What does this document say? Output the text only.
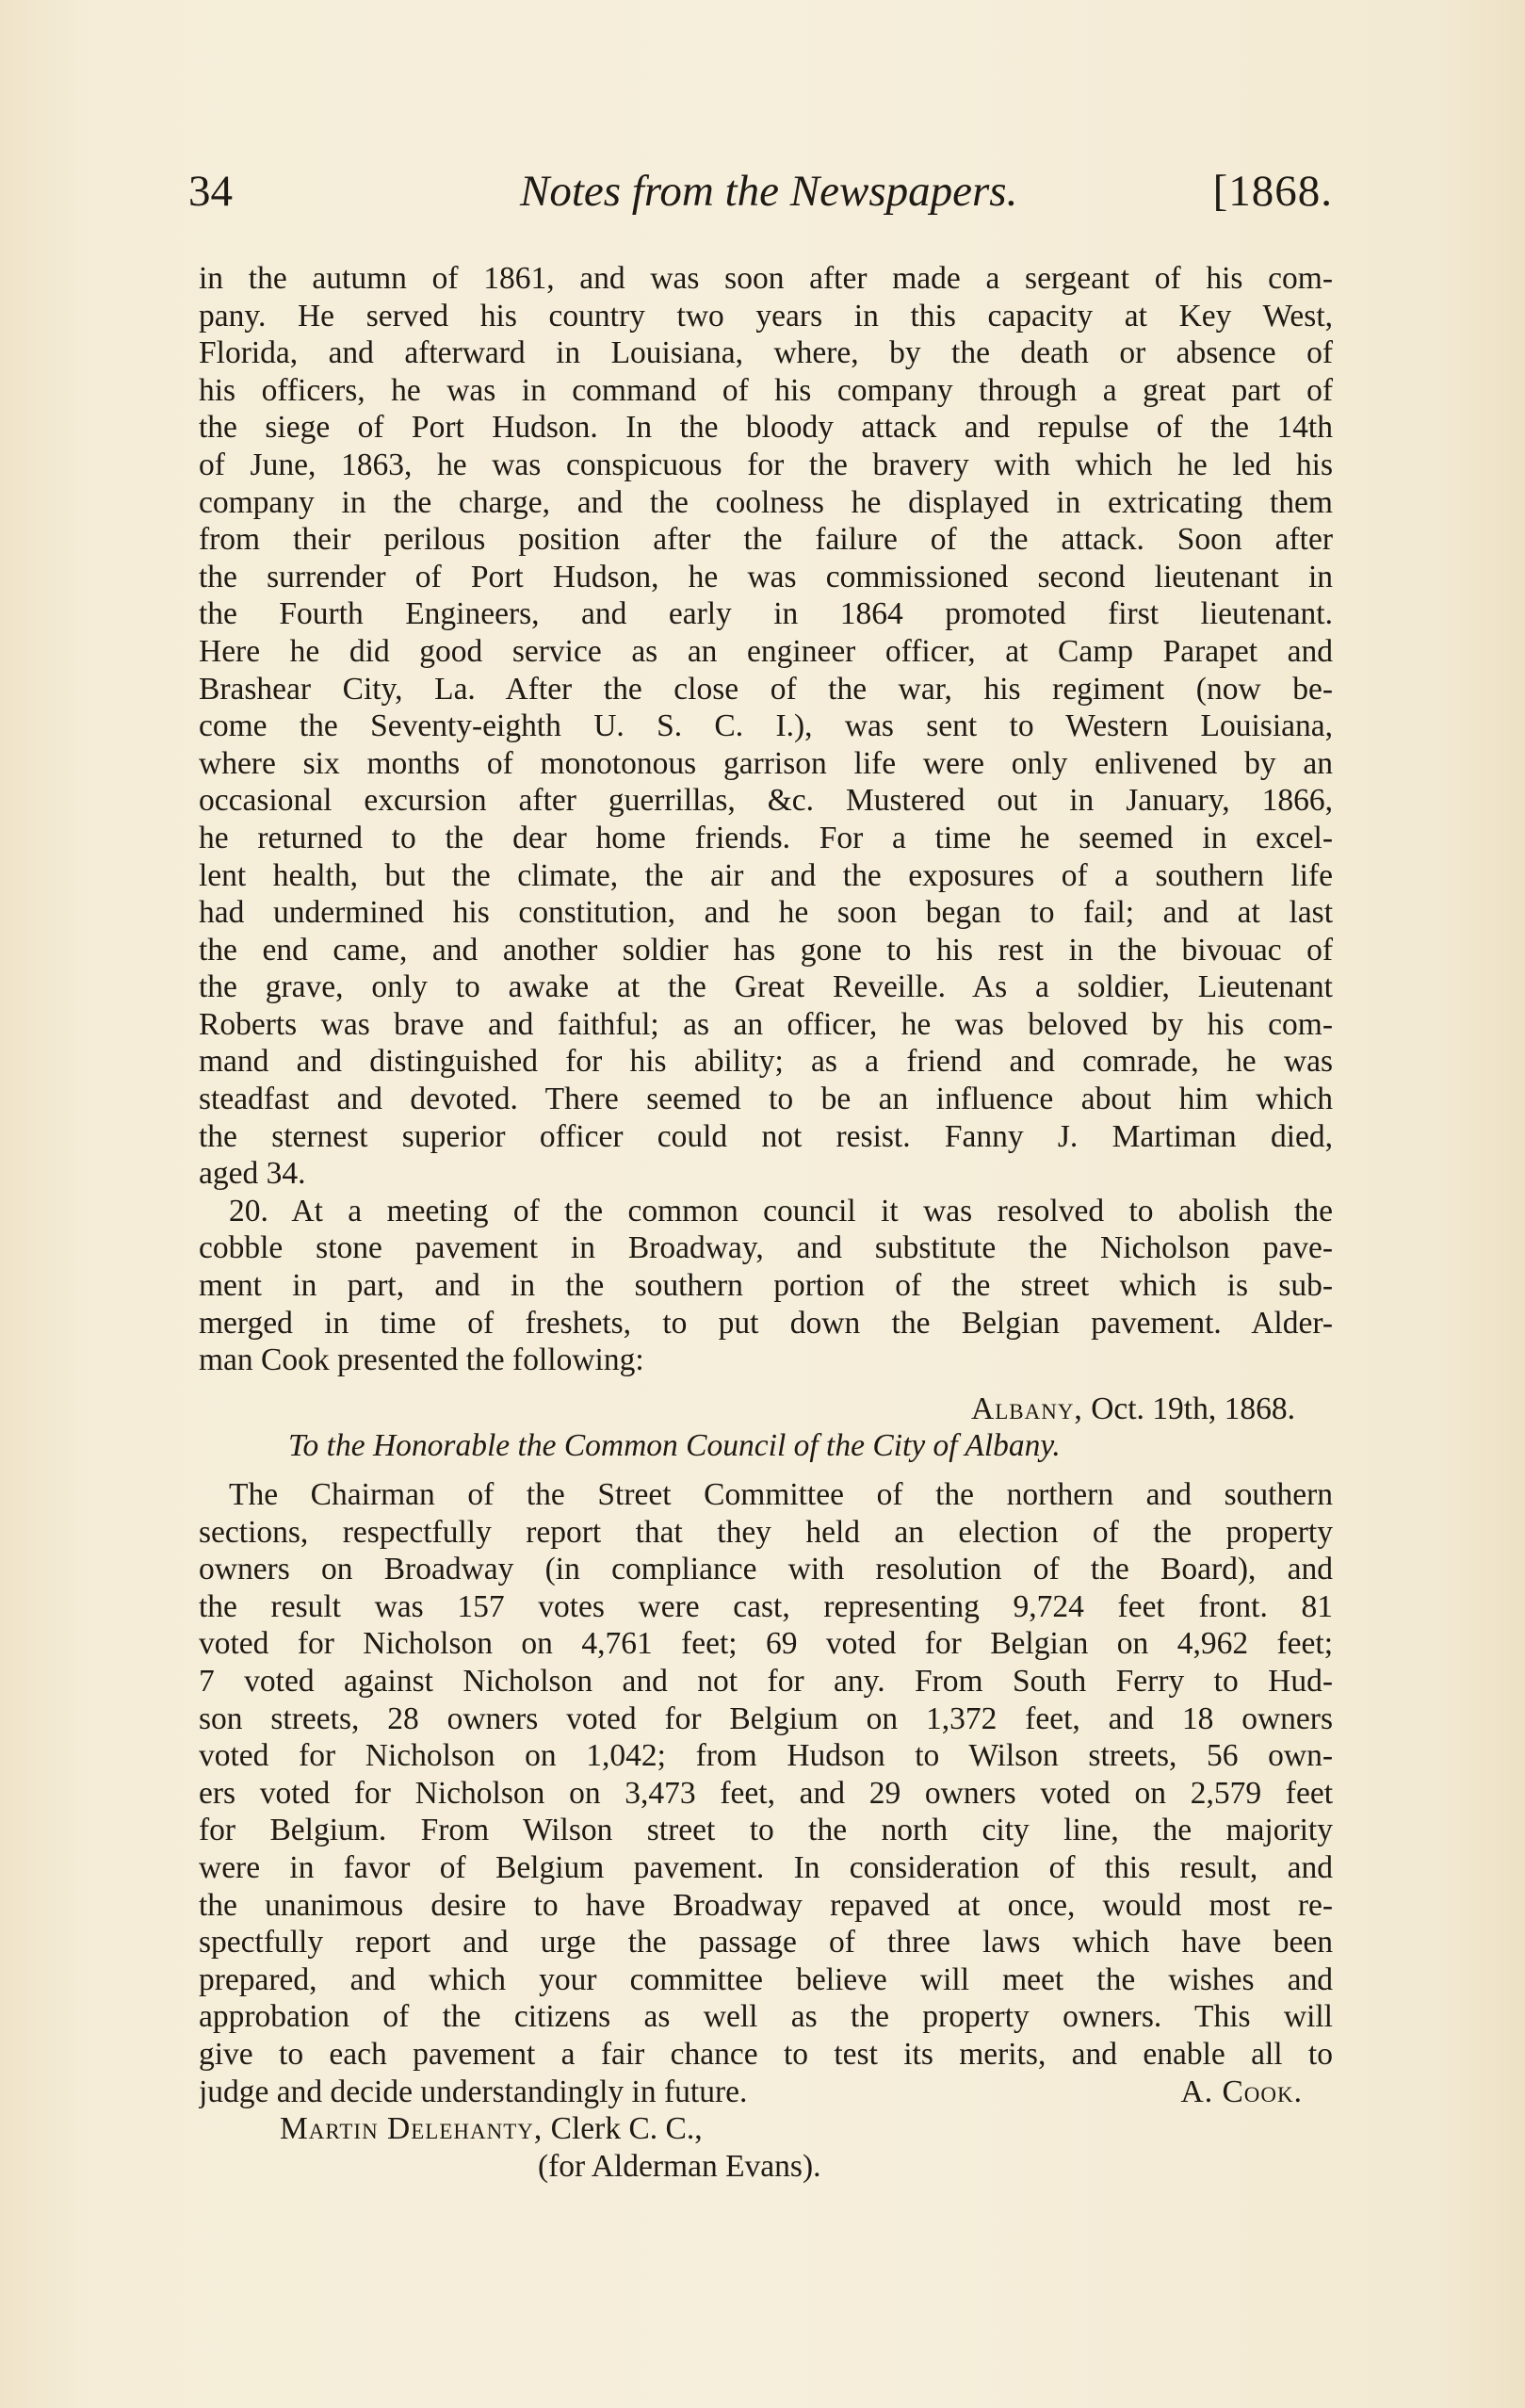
34	Notes from the Newspapers.	[1868.
in the autumn of 1861, and was soon after made a sergeant of his com-
pany. He served his country two years in this capacity at Key West,
Florida, and afterward in Louisiana, where, by the death or absence of
his officers, he was in command of his company through a great part of
the siege of Port Hudson. In the bloody attack and repulse of the 14th
of June, 1863, he was conspicuous for the bravery with which he led his
company in the charge, and the coolness he displayed in extricating them
from their perilous position after the failure of the attack. Soon after
the surrender of Port Hudson, he was commissioned second lieutenant in
the Fourth Engineers, and early in 1864 promoted first lieutenant.
Here he did good service as an engineer officer, at Camp Parapet and
Brashear City, La. After the close of the war, his regiment (now be-
come the Seventy-eighth U. S. C. I.), was sent to Western Louisiana,
where six months of monotonous garrison life were only enlivened by an
occasional excursion after guerrillas, &c. Mustered out in January, 1866,
he returned to the dear home friends. For a time he seemed in excel-
lent health, but the climate, the air and the exposures of a southern life
had undermined his constitution, and he soon began to fail; and at last
the end came, and another soldier has gone to his rest in the bivouac of
the grave, only to awake at the Great Reveille. As a soldier, Lieutenant
Roberts was brave and faithful; as an officer, he was beloved by his com-
mand and distinguished for his ability; as a friend and comrade, he was
steadfast and devoted. There seemed to be an influence about him which
the sternest superior officer could not resist. Fanny J. Martiman died,
aged 34.
20. At a meeting of the common council it was resolved to abolish the
cobble stone pavement in Broadway, and substitute the Nicholson pave-
ment in part, and in the southern portion of the street which is sub-
merged in time of freshets, to put down the Belgian pavement. Alder-
man Cook presented the following:
Albany, Oct. 19th, 1868.
To the Honorable the Common Council of the City of Albany.
The Chairman of the Street Committee of the northern and southern
sections, respectfully report that they held an election of the property
owners on Broadway (in compliance with resolution of the Board), and
the result was 157 votes were cast, representing 9,724 feet front. 81
voted for Nicholson on 4,761 feet; 69 voted for Belgian on 4,962 feet;
7 voted against Nicholson and not for any. From South Ferry to Hud-
son streets, 28 owners voted for Belgium on 1,372 feet, and 18 owners
voted for Nicholson on 1,042; from Hudson to Wilson streets, 56 own-
ers voted for Nicholson on 3,473 feet, and 29 owners voted on 2,579 feet
for Belgium. From Wilson street to the north city line, the majority
were in favor of Belgium pavement. In consideration of this result, and
the unanimous desire to have Broadway repaved at once, would most re-
spectfully report and urge the passage of three laws which have been
prepared, and which your committee believe will meet the wishes and
approbation of the citizens as well as the property owners. This will
give to each pavement a fair chance to test its merits, and enable all to
judge and decide understandingly in future.	A. Cook.
Martin Delehanty, Clerk C. C.,
(for Alderman Evans).
